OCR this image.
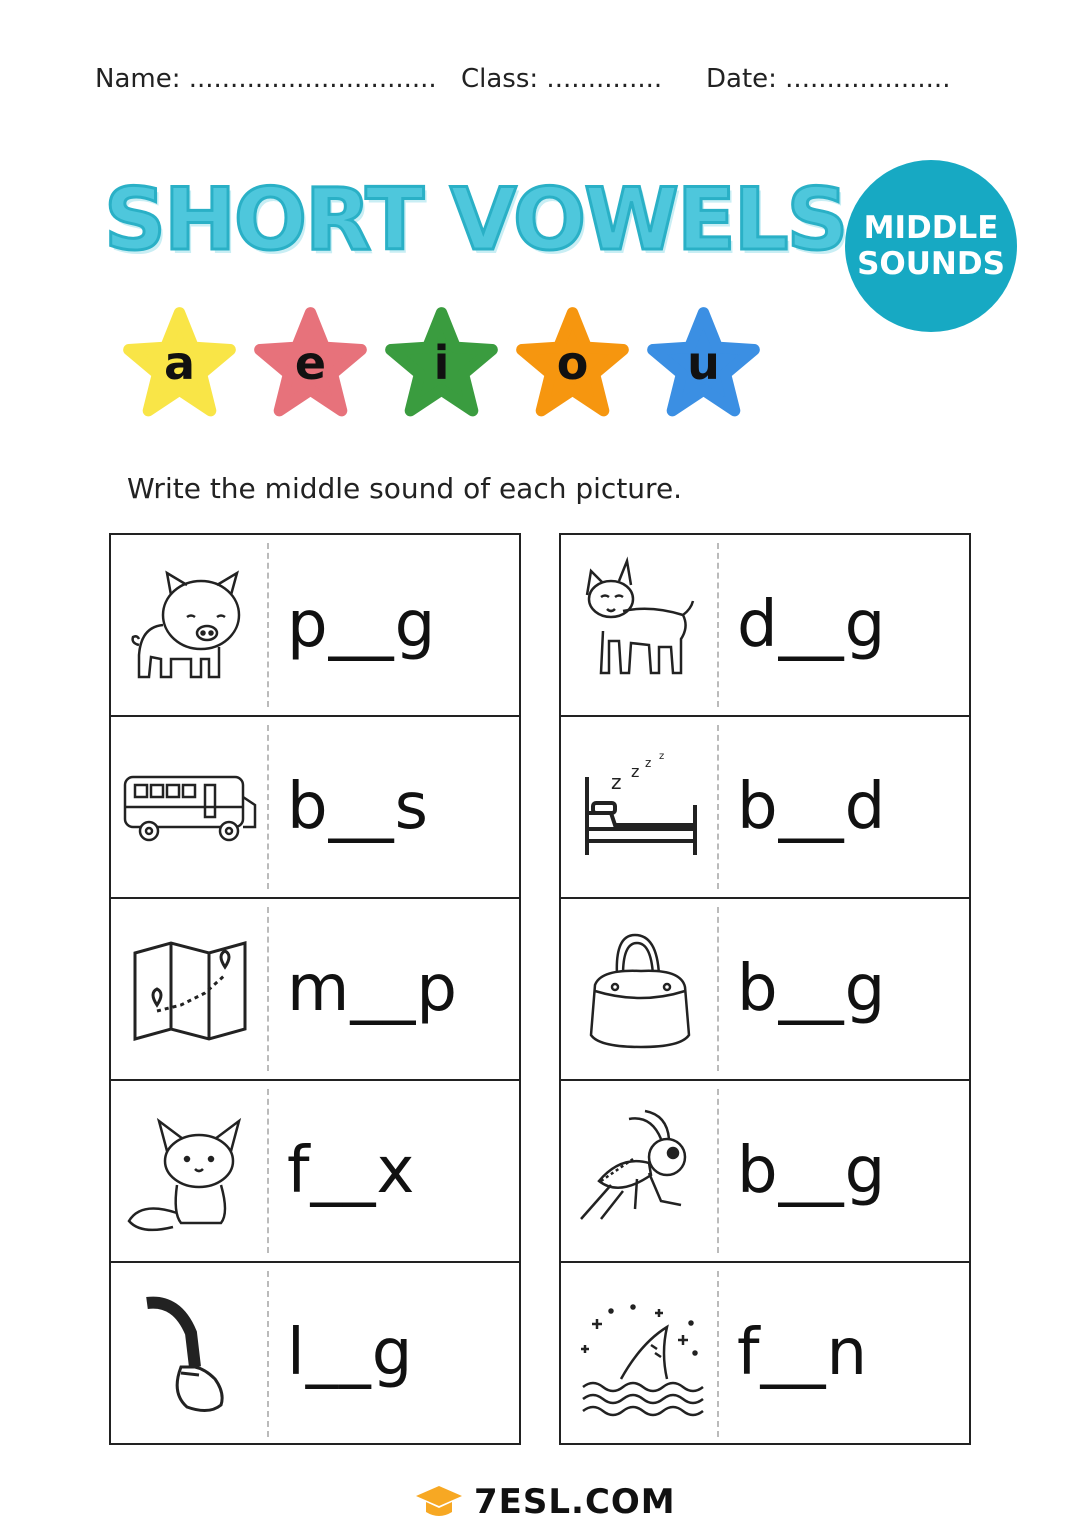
Name: .............................. Class: .............. Date: ....................
SHORT VOWELS MIDDLE
SOUNDS
a	e	i	o	u
Write the middle sound of each picture.
p__g
b__s
m__p
f__x
l__g
d__g
z z z z
b__d
b__g
b__g
f__n
7ESL.COM
